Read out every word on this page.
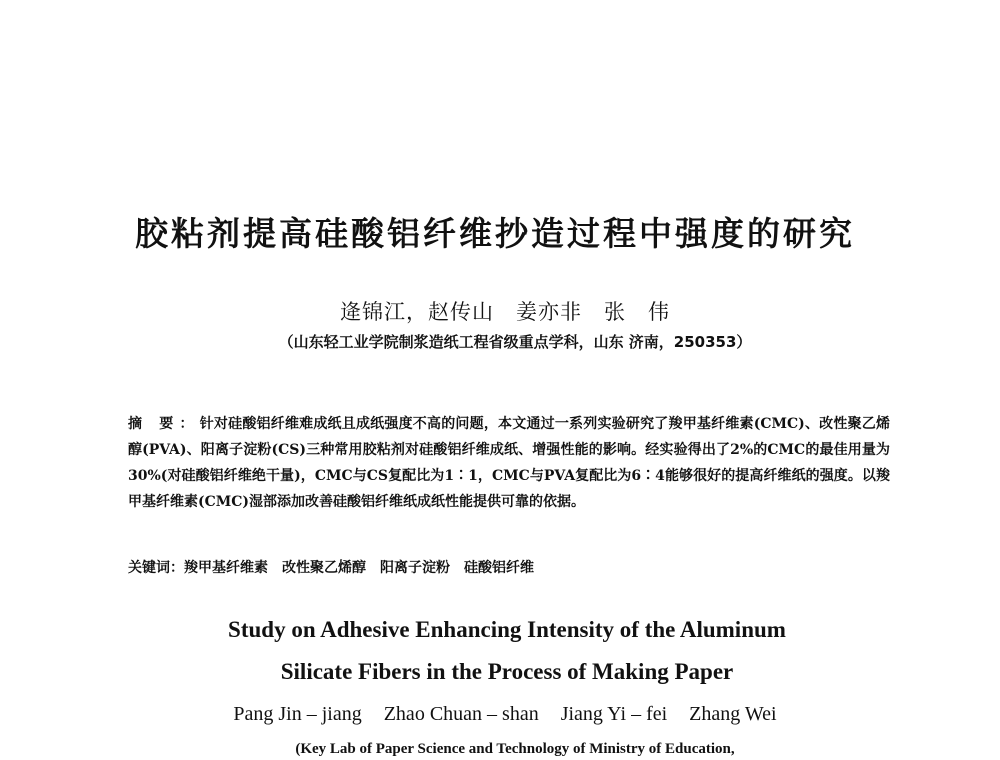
胶粘剂提高硅酸铝纤维抄造过程中强度的研究
逄锦江，赵传山　姜亦非　张　伟
（山东轻工业学院制浆造纸工程省级重点学科，山东 济南，250353）
摘 要：针对硅酸铝纤维难成纸且成纸强度不高的问题，本文通过一系列实验研究了羧甲基纤维素(CMC)、改性聚乙烯醇(PVA)、阳离子淀粉(CS)三种常用胶粘剂对硅酸铝纤维成纸、增强性能的影响。经实验得出了2%的CMC的最佳用量为30%(对硅酸铝纤维绝干量)，CMC与CS复配比为1∶1，CMC与PVA复配比为6∶4能够很好的提高纤维纸的强度。以羧甲基纤维素(CMC)湿部添加改善硅酸铝纤维纸成纸性能提供可靠的依据。
关键词：羧甲基纤维素 改性聚乙烯醇 阳离子淀粉 硅酸铝纤维
Study on Adhesive Enhancing Intensity of the Aluminum
Silicate Fibers in the Process of Making Paper
Pang Jin – jiang Zhao Chuan – shan Jiang Yi – fei Zhang Wei
(Key Lab of Paper Science and Technology of Ministry of Education,
